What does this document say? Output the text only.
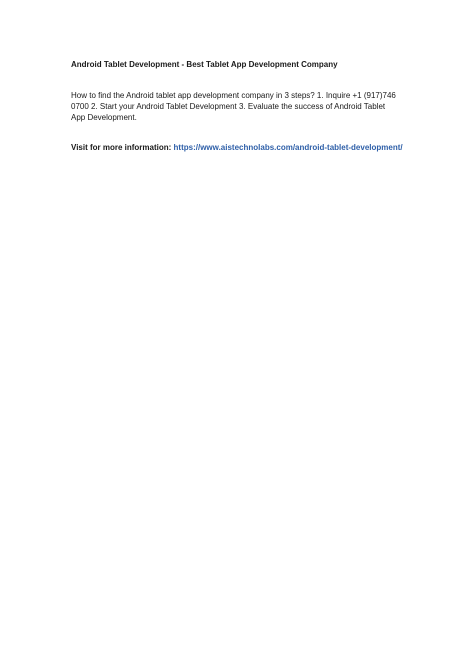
Android Tablet Development - Best Tablet App Development Company

How to find the Android tablet app development company in 3 steps? 1. Inquire +1 (917)746
0700 2. Start your Android Tablet Development 3. Evaluate the success of Android Tablet
App Development.

Visit for more information: https://www.aistechnolabs.com/android-tablet-development/
